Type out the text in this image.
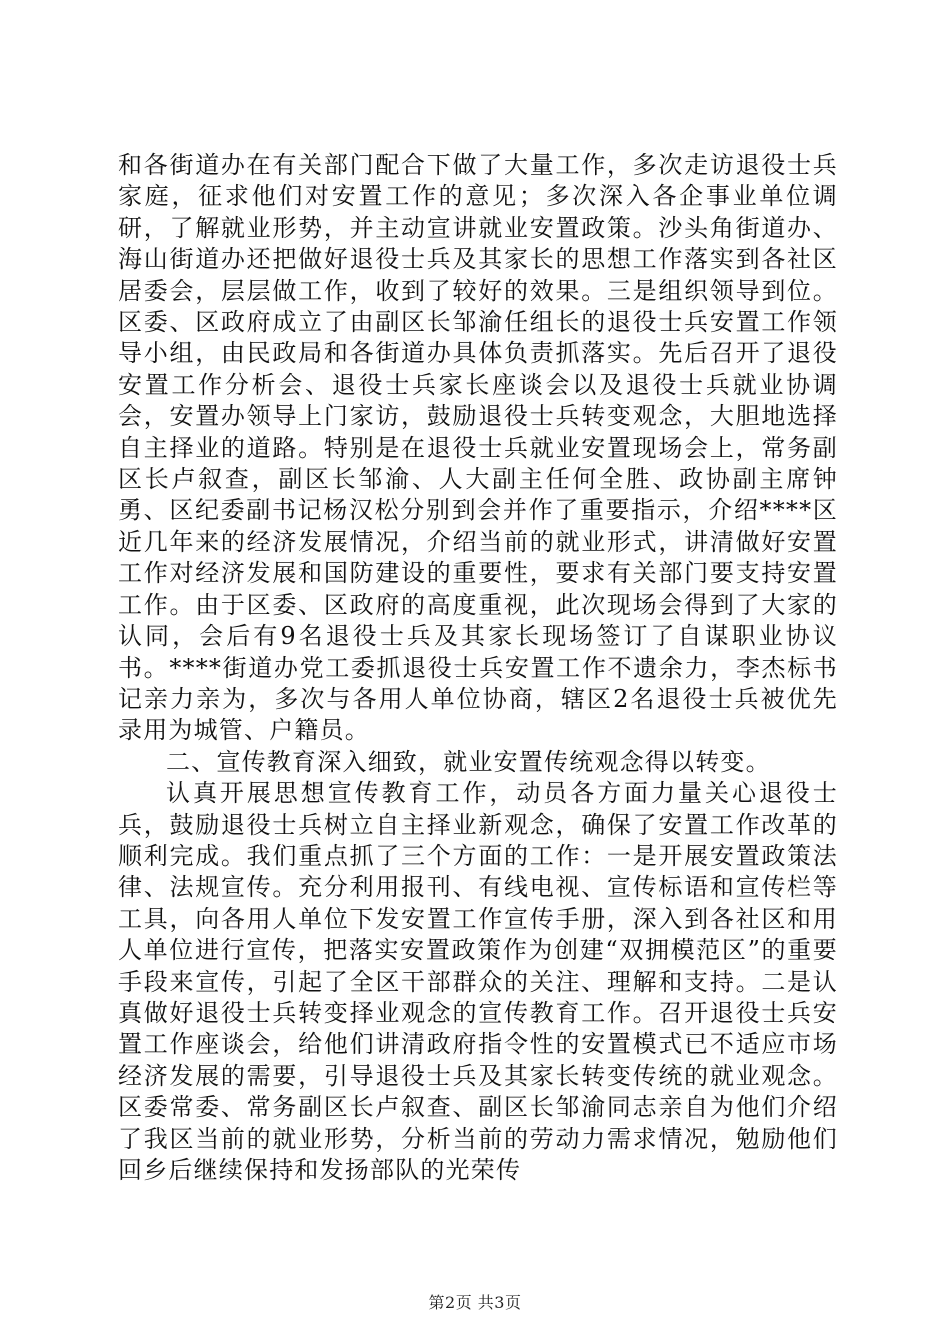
和各街道办在有关部门配合下做了大量工作，多次走访退役士兵家庭，征求他们对安置工作的意见；多次深入各企事业单位调研，了解就业形势，并主动宣讲就业安置政策。沙头角街道办、海山街道办还把做好退役士兵及其家长的思想工作落实到各社区居委会，层层做工作，收到了较好的效果。三是组织领导到位。区委、区政府成立了由副区长邹渝任组长的退役士兵安置工作领导小组，由民政局和各街道办具体负责抓落实。先后召开了退役安置工作分析会、退役士兵家长座谈会以及退役士兵就业协调会，安置办领导上门家访，鼓励退役士兵转变观念，大胆地选择自主择业的道路。特别是在退役士兵就业安置现场会上，常务副区长卢叙查，副区长邹渝、人大副主任何全胜、政协副主席钟勇、区纪委副书记杨汉松分别到会并作了重要指示，介绍****区近几年来的经济发展情况，介绍当前的就业形式，讲清做好安置工作对经济发展和国防建设的重要性，要求有关部门要支持安置工作。由于区委、区政府的高度重视，此次现场会得到了大家的认同，会后有9名退役士兵及其家长现场签订了自谋职业协议书。****街道办党工委抓退役士兵安置工作不遗余力，李杰标书记亲力亲为，多次与各用人单位协商，辖区2名退役士兵被优先录用为城管、户籍员。

二、宣传教育深入细致，就业安置传统观念得以转变。

认真开展思想宣传教育工作，动员各方面力量关心退役士兵，鼓励退役士兵树立自主择业新观念，确保了安置工作改革的顺利完成。我们重点抓了三个方面的工作：一是开展安置政策法律、法规宣传。充分利用报刊、有线电视、宣传标语和宣传栏等工具，向各用人单位下发安置工作宣传手册，深入到各社区和用人单位进行宣传，把落实安置政策作为创建“双拥模范区”的重要手段来宣传，引起了全区干部群众的关注、理解和支持。二是认真做好退役士兵转变择业观念的宣传教育工作。召开退役士兵安置工作座谈会，给他们讲清政府指令性的安置模式已不适应市场经济发展的需要，引导退役士兵及其家长转变传统的就业观念。区委常委、常务副区长卢叙查、副区长邹渝同志亲自为他们介绍了我区当前的就业形势，分析当前的劳动力需求情况，勉励他们回乡后继续保持和发扬部队的光荣传

第2页 共3页
